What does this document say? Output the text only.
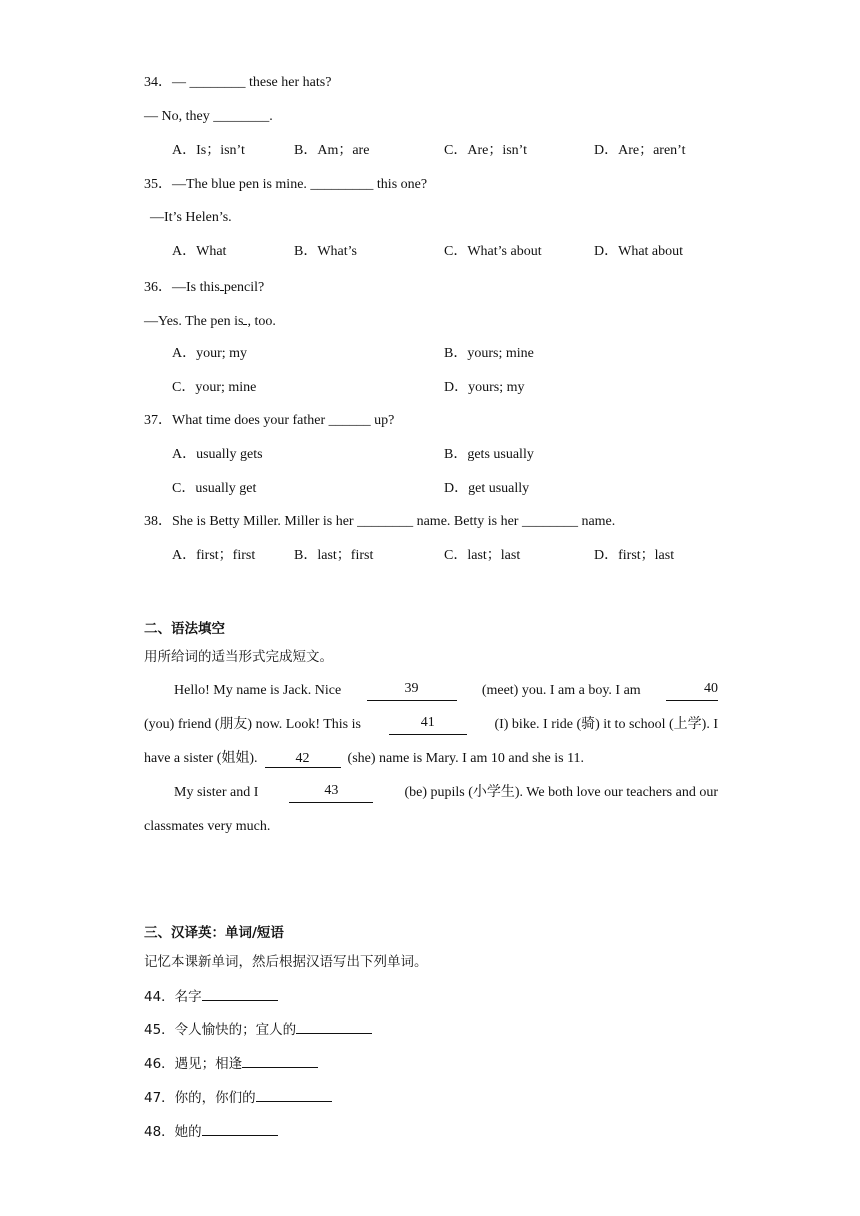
34．— ________ these her hats?
— No, they ________.
A．Is；isn’t	B．Am；are	C．Are；isn’t	D．Are；aren’t
35．—The blue pen is mine. _________ this one?
—It’s Helen’s.
A．What	B．What’s	C．What’s about	D．What about
36．—Is this pencil?
—Yes. The pen is , too.
A．your; my	B．yours; mine
C．your; mine	D．yours; my
37．What time does your father ______ up?
A．usually gets	B．gets usually
C．usually get	D．get usually
38．She is Betty Miller. Miller is her ________ name. Betty is her ________ name.
A．first；first	B．last；first	C．last；last	D．first；last
二、语法填空
用所给词的适当形式完成短文。
Hello! My name is Jack. Nice	39	(meet) you. I am a boy. I am	40
(you) friend (朋友) now. Look! This is	41	(I) bike. I ride (骑) it to school (上学). I
have a sister (姐姐).	42	(she) name is Mary. I am 10 and she is 11.
My sister and I	43	(be) pupils (小学生). We both love our teachers and our
classmates very much.
三、汉译英：单词/短语
记忆本课新单词，然后根据汉语写出下列单词。
44．名字
45．令人愉快的；宜人的
46．遇见；相逢
47．你的，你们的
48．她的
